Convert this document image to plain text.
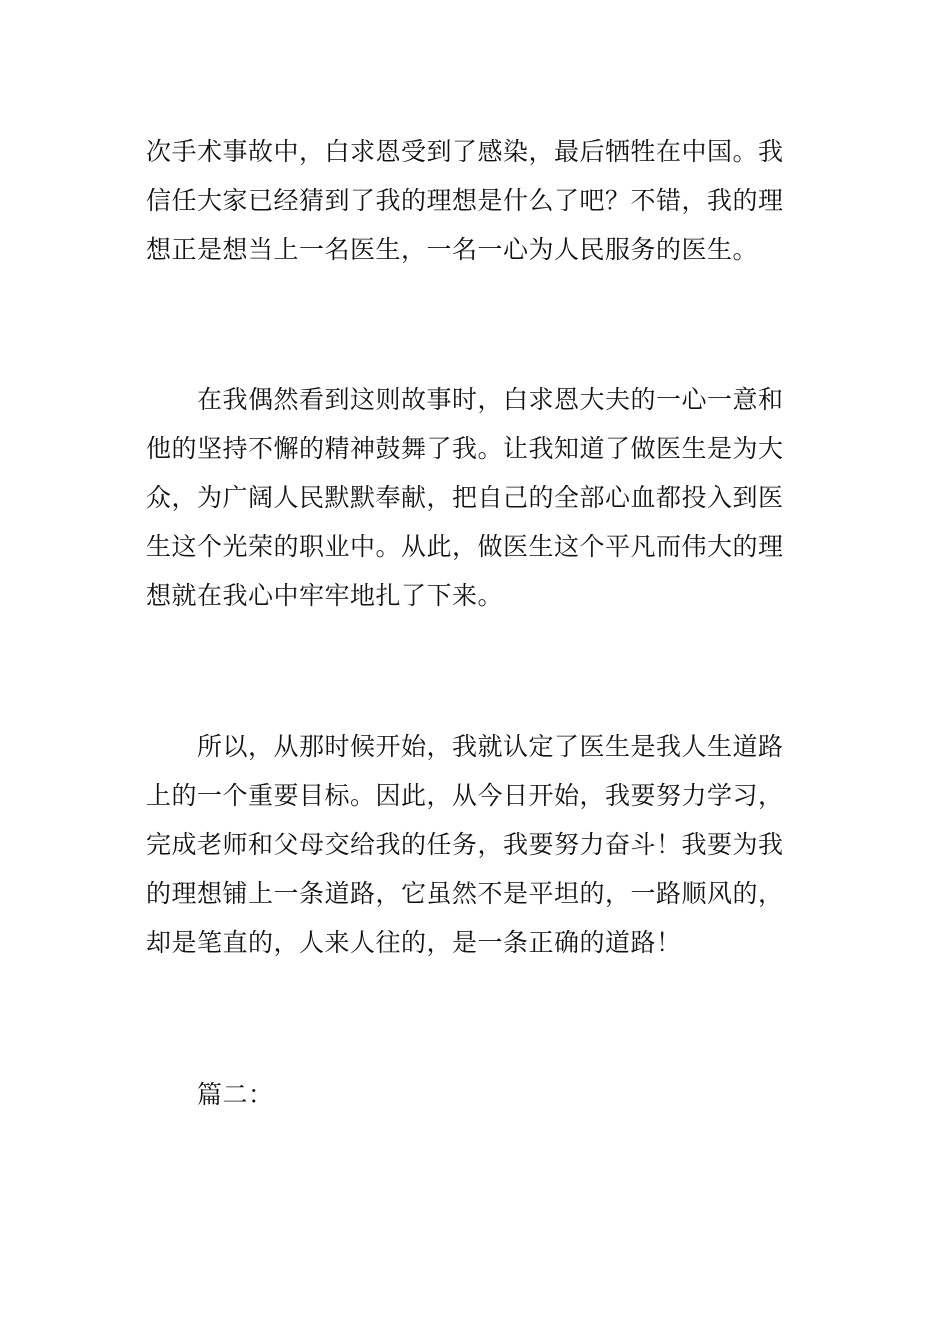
次手术事故中，白求恩受到了感染，最后牺牲在中国。我
信任大家已经猜到了我的理想是什么了吧？不错，我的理
想正是想当上一名医生，一名一心为人民服务的医生。

在我偶然看到这则故事时，白求恩大夫的一心一意和
他的坚持不懈的精神鼓舞了我。让我知道了做医生是为大
众，为广阔人民默默奉献，把自己的全部心血都投入到医
生这个光荣的职业中。从此，做医生这个平凡而伟大的理
想就在我心中牢牢地扎了下来。

所以，从那时候开始，我就认定了医生是我人生道路
上的一个重要目标。因此，从今日开始，我要努力学习，
完成老师和父母交给我的任务，我要努力奋斗！我要为我
的理想铺上一条道路，它虽然不是平坦的，一路顺风的，
却是笔直的，人来人往的，是一条正确的道路！

篇二：
